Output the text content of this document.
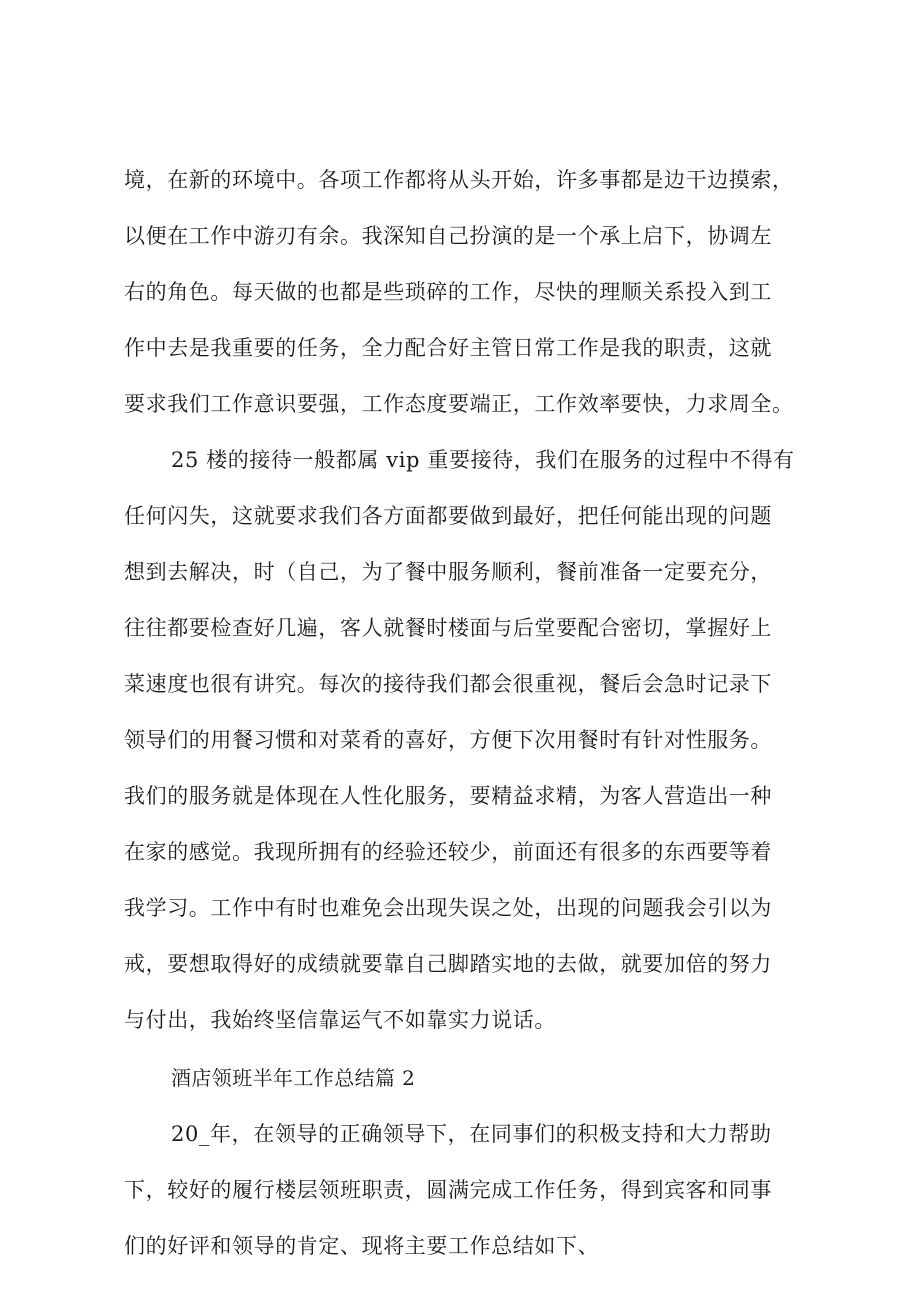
境，在新的环境中。各项工作都将从头开始，许多事都是边干边摸索，
以便在工作中游刃有余。我深知自己扮演的是一个承上启下，协调左
右的角色。每天做的也都是些琐碎的工作，尽快的理顺关系投入到工
作中去是我重要的任务，全力配合好主管日常工作是我的职责，这就
要求我们工作意识要强，工作态度要端正，工作效率要快，力求周全。
25 楼的接待一般都属 vip 重要接待，我们在服务的过程中不得有
任何闪失，这就要求我们各方面都要做到最好，把任何能出现的问题
想到去解决，时（自己，为了餐中服务顺利，餐前准备一定要充分，
往往都要检查好几遍，客人就餐时楼面与后堂要配合密切，掌握好上
菜速度也很有讲究。每次的接待我们都会很重视，餐后会急时记录下
领导们的用餐习惯和对菜肴的喜好，方便下次用餐时有针对性服务。
我们的服务就是体现在人性化服务，要精益求精，为客人营造出一种
在家的感觉。我现所拥有的经验还较少，前面还有很多的东西要等着
我学习。工作中有时也难免会出现失误之处，出现的问题我会引以为
戒，要想取得好的成绩就要靠自己脚踏实地的去做，就要加倍的努力
与付出，我始终坚信靠运气不如靠实力说话。
酒店领班半年工作总结篇 2
20_年，在领导的正确领导下，在同事们的积极支持和大力帮助
下，较好的履行楼层领班职责，圆满完成工作任务，得到宾客和同事
们的好评和领导的肯定、现将主要工作总结如下、
